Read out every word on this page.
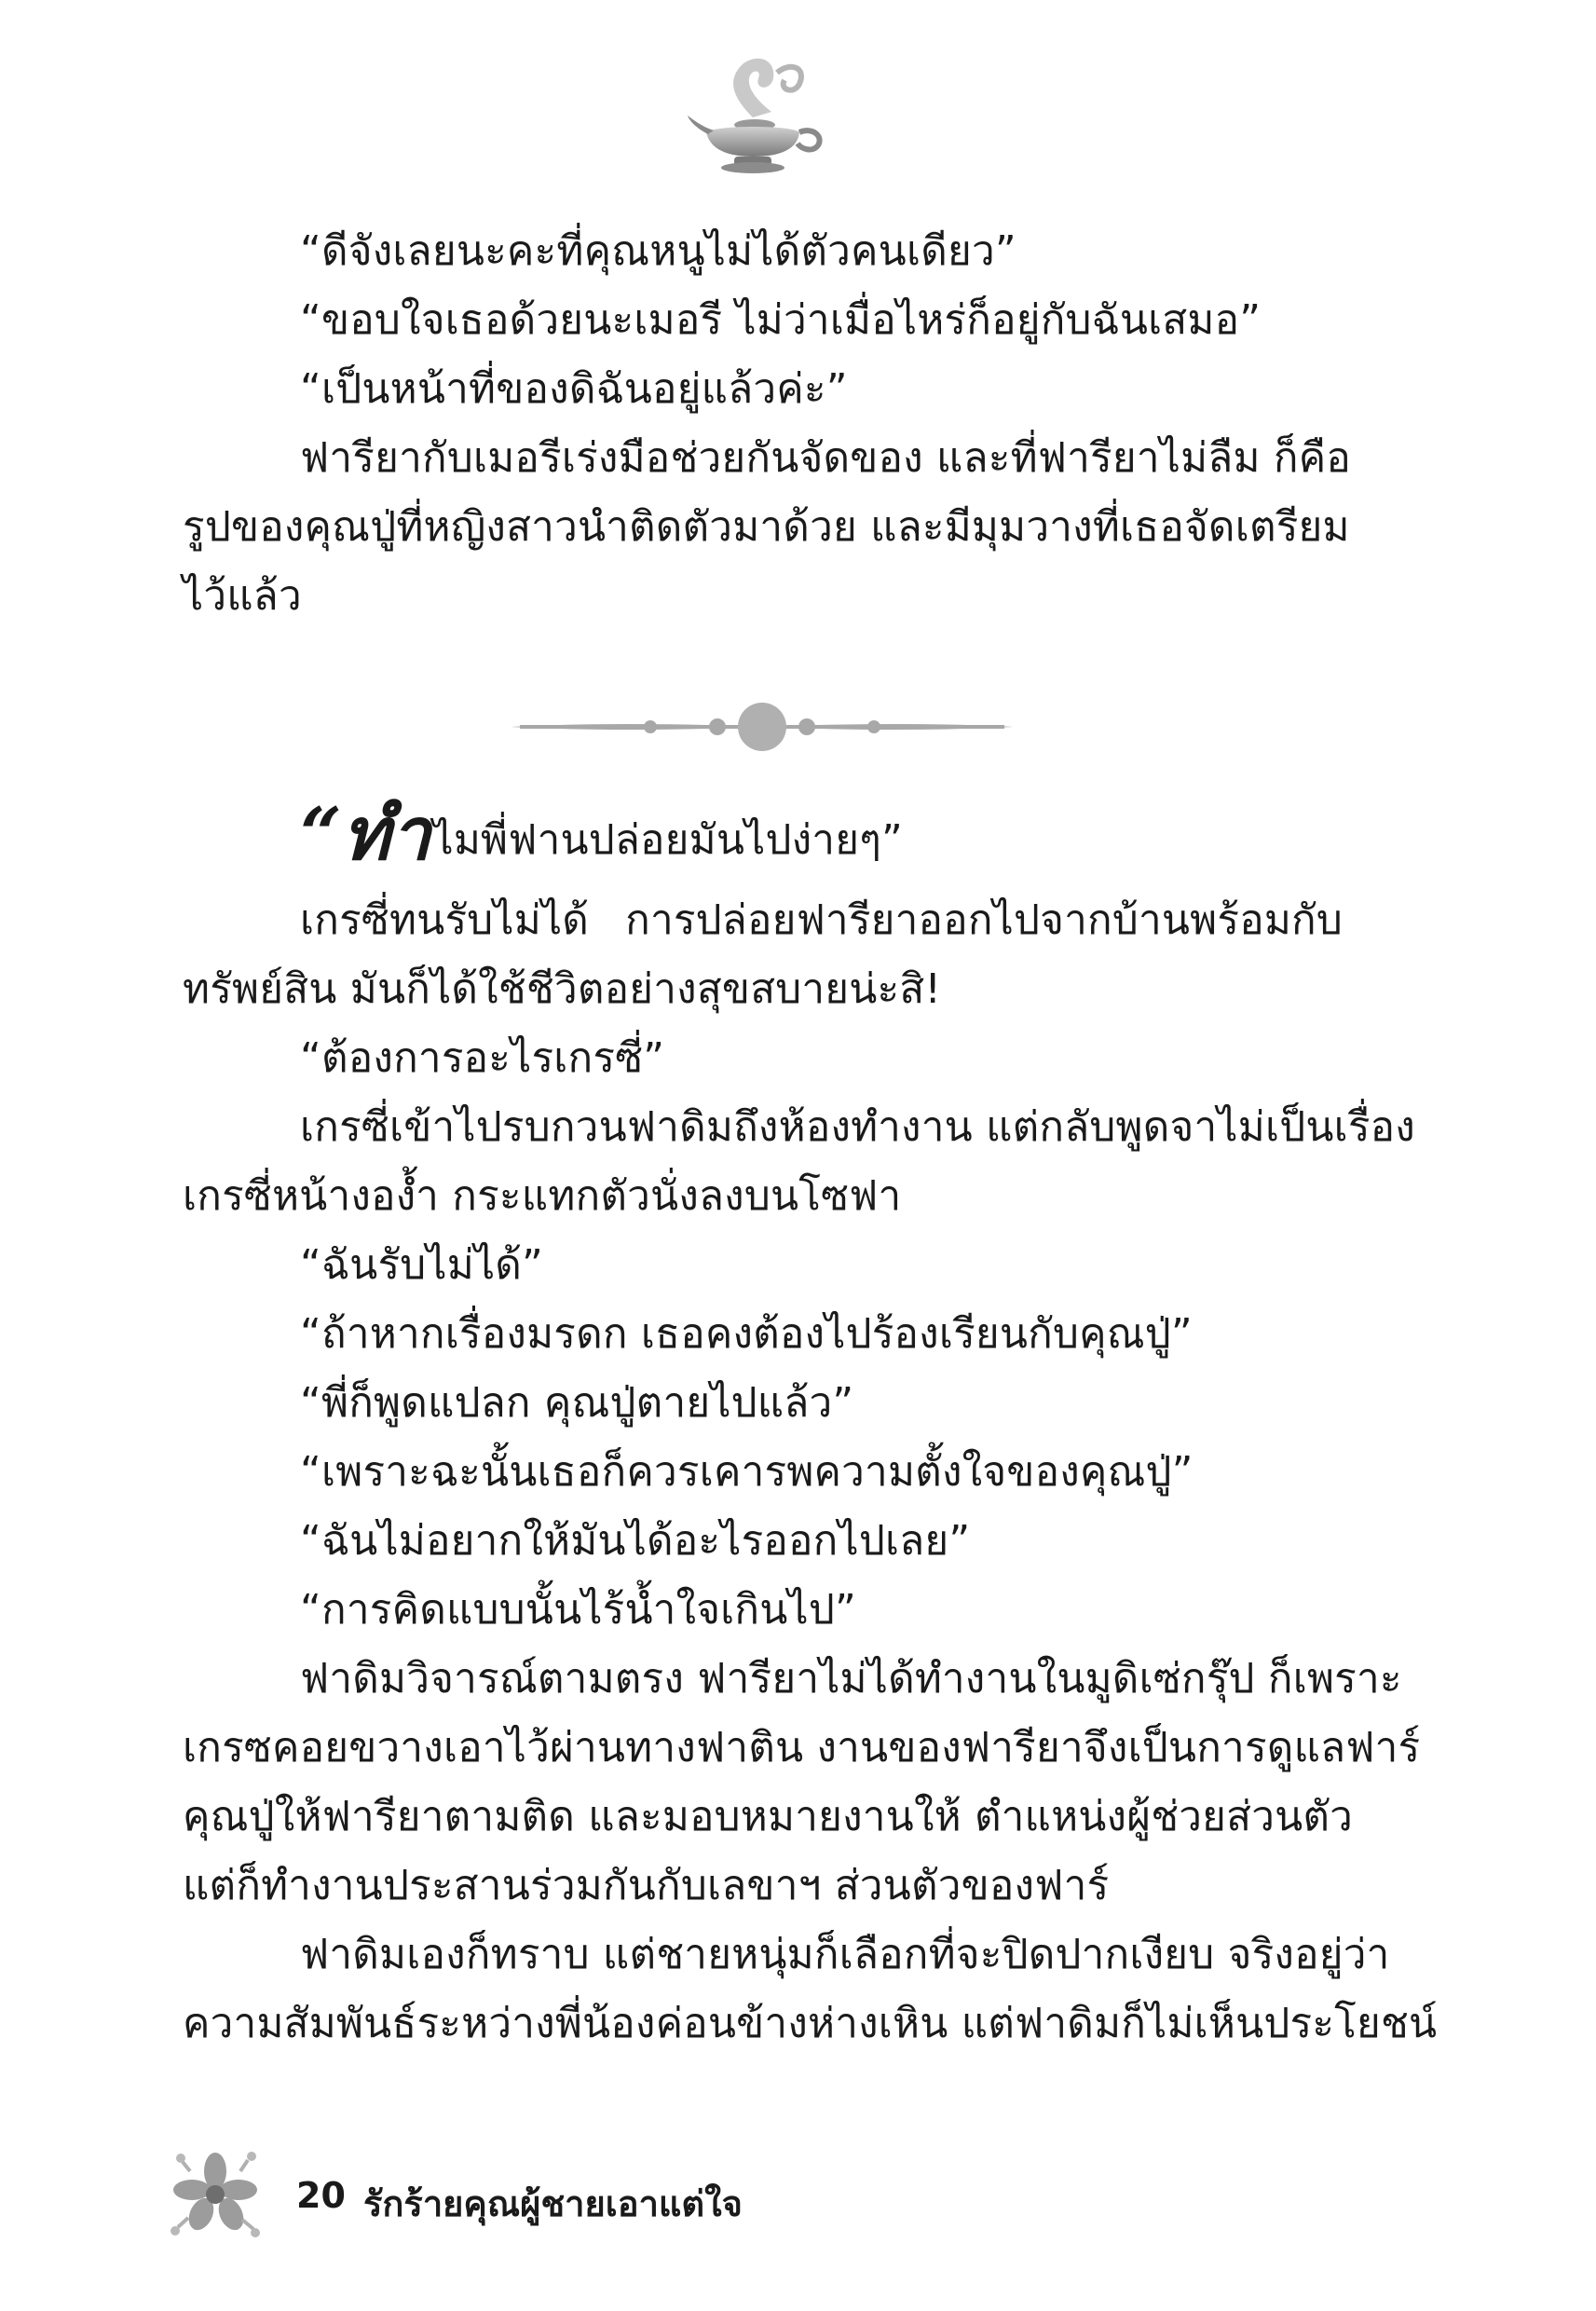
“ดีจังเลยนะคะที่คุณหนูไม่ได้ตัวคนเดียว”
“ขอบใจเธอด้วยนะเมอรี ไม่ว่าเมื่อไหร่ก็อยู่กับฉันเสมอ”
“เป็นหน้าที่ของดิฉันอยู่แล้วค่ะ”
ฟารียากับเมอรีเร่งมือช่วยกันจัดของ และที่ฟารียาไม่ลืม ก็คือ
รูปของคุณปู่ที่หญิงสาวนำติดตัวมาด้วย และมีมุมวางที่เธอจัดเตรียม
ไว้แล้ว
“ทำไมพี่ฟานปล่อยมันไปง่ายๆ”
เกรซี่ทนรับไม่ได้ การปล่อยฟารียาออกไปจากบ้านพร้อมกับ
ทรัพย์สิน มันก็ได้ใช้ชีวิตอย่างสุขสบายน่ะสิ!
“ต้องการอะไรเกรซี่”
เกรซี่เข้าไปรบกวนฟาดิมถึงห้องทำงาน แต่กลับพูดจาไม่เป็นเรื่อง
เกรซี่หน้างอง้ำ กระแทกตัวนั่งลงบนโซฟา
“ฉันรับไม่ได้”
“ถ้าหากเรื่องมรดก เธอคงต้องไปร้องเรียนกับคุณปู่”
“พี่ก็พูดแปลก คุณปู่ตายไปแล้ว”
“เพราะฉะนั้นเธอก็ควรเคารพความตั้งใจของคุณปู่”
“ฉันไม่อยากให้มันได้อะไรออกไปเลย”
“การคิดแบบนั้นไร้น้ำใจเกินไป”
ฟาดิมวิจารณ์ตามตรง ฟารียาไม่ได้ทำงานในมูดิเซ่กรุ๊ป ก็เพราะ
เกรซคอยขวางเอาไว้ผ่านทางฟาติน งานของฟารียาจึงเป็นการดูแลฟาร์
คุณปู่ให้ฟารียาตามติด และมอบหมายงานให้ ตำแหน่งผู้ช่วยส่วนตัว
แต่ก็ทำงานประสานร่วมกันกับเลขาฯ ส่วนตัวของฟาร์
ฟาดิมเองก็ทราบ แต่ชายหนุ่มก็เลือกที่จะปิดปากเงียบ จริงอยู่ว่า
ความสัมพันธ์ระหว่างพี่น้องค่อนข้างห่างเหิน แต่ฟาดิมก็ไม่เห็นประโยชน์
20 รักร้ายคุณผู้ชายเอาแต่ใจ
